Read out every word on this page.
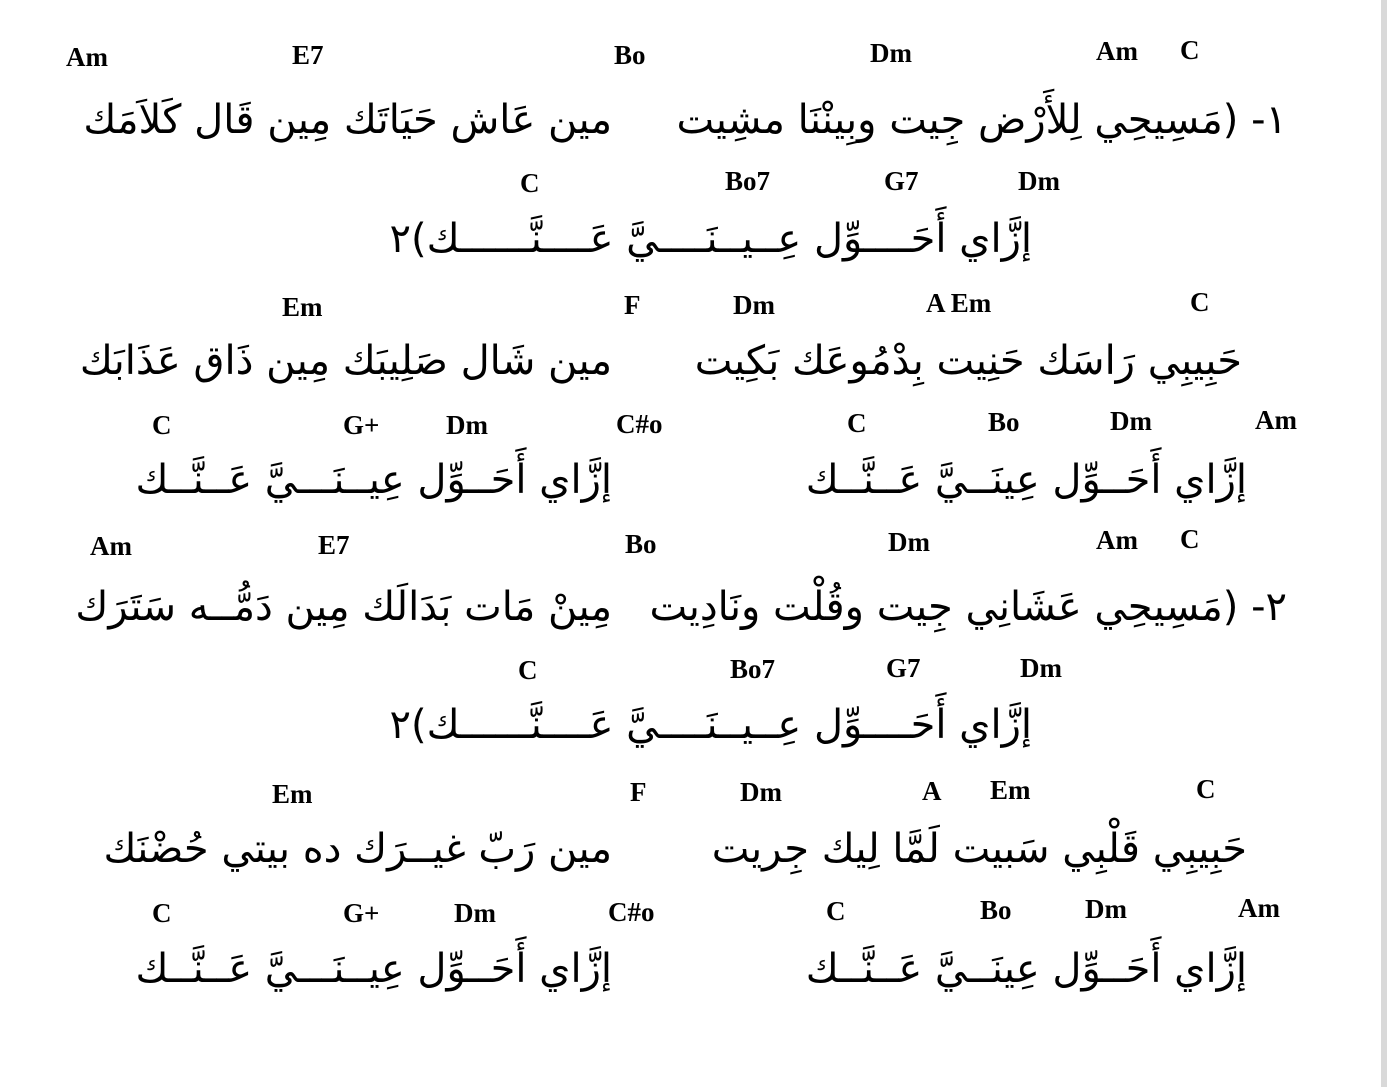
Am	E7	Bo	Dm	Am C
مين عَاش حَيَاتَك مِين قَال كَلاَمَك ١- (مَسِيحِي لِلأَرْض جِيت وبِينْنَا مشِيت
C	Bo7	G7	Dm
إزَّاي أَحَــــوِّل عِــيــنَــــيَّ عَــــنَّــــــك)٢
Em	F	Dm	A Em	C
مين شَال صَلِيبَك مِين ذَاق عَذَابَك حَبِيبِي رَاسَك حَنِيت بِدْمُوعَك بَكِيت
C	G+ Dm	C#o	C	Bo	Dm	Am
إزَّاي أَحَــوِّل عِيــنَـــيَّ عَــنَّــك	إزَّاي أَحَــوِّل عِينَــيَّ عَــنَّــك
Am	E7	Bo	Dm	Am C
مِينْ مَات بَدَالَك مِين دَمُّــه سَتَرَك ٢- (مَسِيحِي عَشَانِي جِيت وقُلْت ونَادِيت
C	Bo7	G7	Dm
إزَّاي أَحَــــوِّل عِــيــنَــــيَّ عَــــنَّــــــك)٢
Em	F	Dm	A Em	C
مين رَبّ غيــرَك ده بيتي حُضْنَك حَبِيبِي قَلْبِي سَبيت لَمَّا لِيك جِريت
C	G+	Dm	C#o	C	Bo	Dm	Am
إزَّاي أَحَــوِّل عِيــنَـــيَّ عَــنَّــك	إزَّاي أَحَــوِّل عِينَــيَّ عَــنَّــك
